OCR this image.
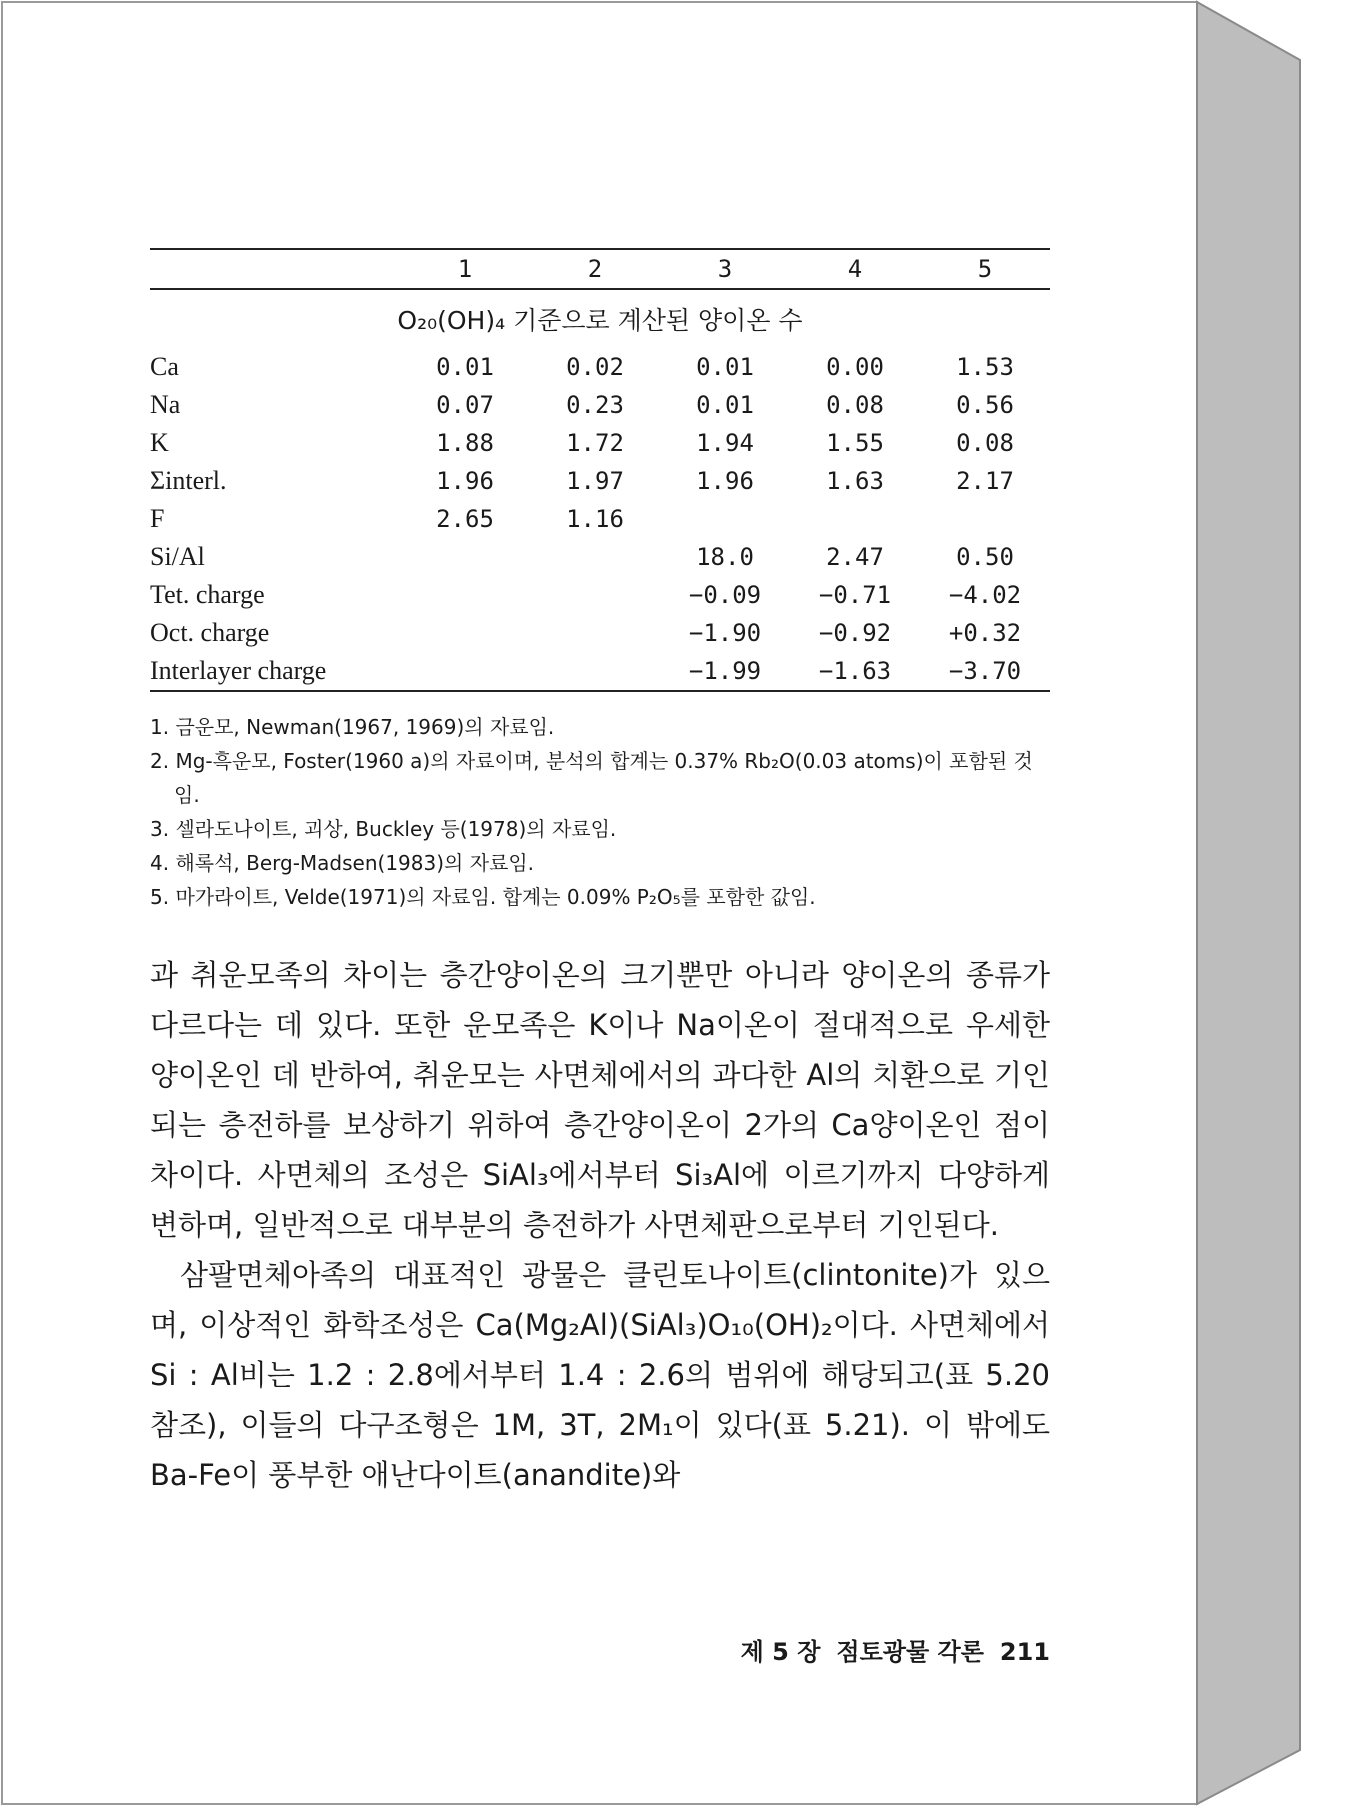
	1	2	3	4	5
O₂₀(OH)₄ 기준으로 계산된 양이온 수					
Ca	0.01	0.02	0.01	0.00	1.53
Na	0.07	0.23	0.01	0.08	0.56
K	1.88	1.72	1.94	1.55	0.08
Σinterl.	1.96	1.97	1.96	1.63	2.17
F	2.65	1.16			
Si/Al			18.0	2.47	0.50
Tet. charge			−0.09	−0.71	−4.02
Oct. charge			−1.90	−0.92	+0.32
Interlayer charge			−1.99	−1.63	−3.70
1. 금운모, Newman(1967, 1969)의 자료임.
2. Mg-흑운모, Foster(1960 a)의 자료이며, 분석의 합계는 0.37% Rb₂O(0.03 atoms)이 포함된 것임.
3. 셀라도나이트, 괴상, Buckley 등(1978)의 자료임.
4. 해록석, Berg-Madsen(1983)의 자료임.
5. 마가라이트, Velde(1971)의 자료임. 합계는 0.09% P₂O₅를 포함한 값임.

과 취운모족의 차이는 층간양이온의 크기뿐만 아니라 양이온의 종류가 다르다는 데 있다. 또한 운모족은 K이나 Na이온이 절대적으로 우세한 양이온인 데 반하여, 취운모는 사면체에서의 과다한 Al의 치환으로 기인되는 층전하를 보상하기 위하여 층간양이온이 2가의 Ca양이온인 점이 차이다. 사면체의 조성은 SiAl₃에서부터 Si₃Al에 이르기까지 다양하게 변하며, 일반적으로 대부분의 층전하가 사면체판으로부터 기인된다.

삼팔면체아족의 대표적인 광물은 클린토나이트(clintonite)가 있으며, 이상적인 화학조성은 Ca(Mg₂Al)(SiAl₃)O₁₀(OH)₂이다. 사면체에서 Si : Al비는 1.2 : 2.8에서부터 1.4 : 2.6의 범위에 해당되고(표 5.20 참조), 이들의 다구조형은 1M, 3T, 2M₁이 있다(표 5.21). 이 밖에도 Ba-Fe이 풍부한 애난다이트(anandite)와

제 5 장 점토광물 각론 211
